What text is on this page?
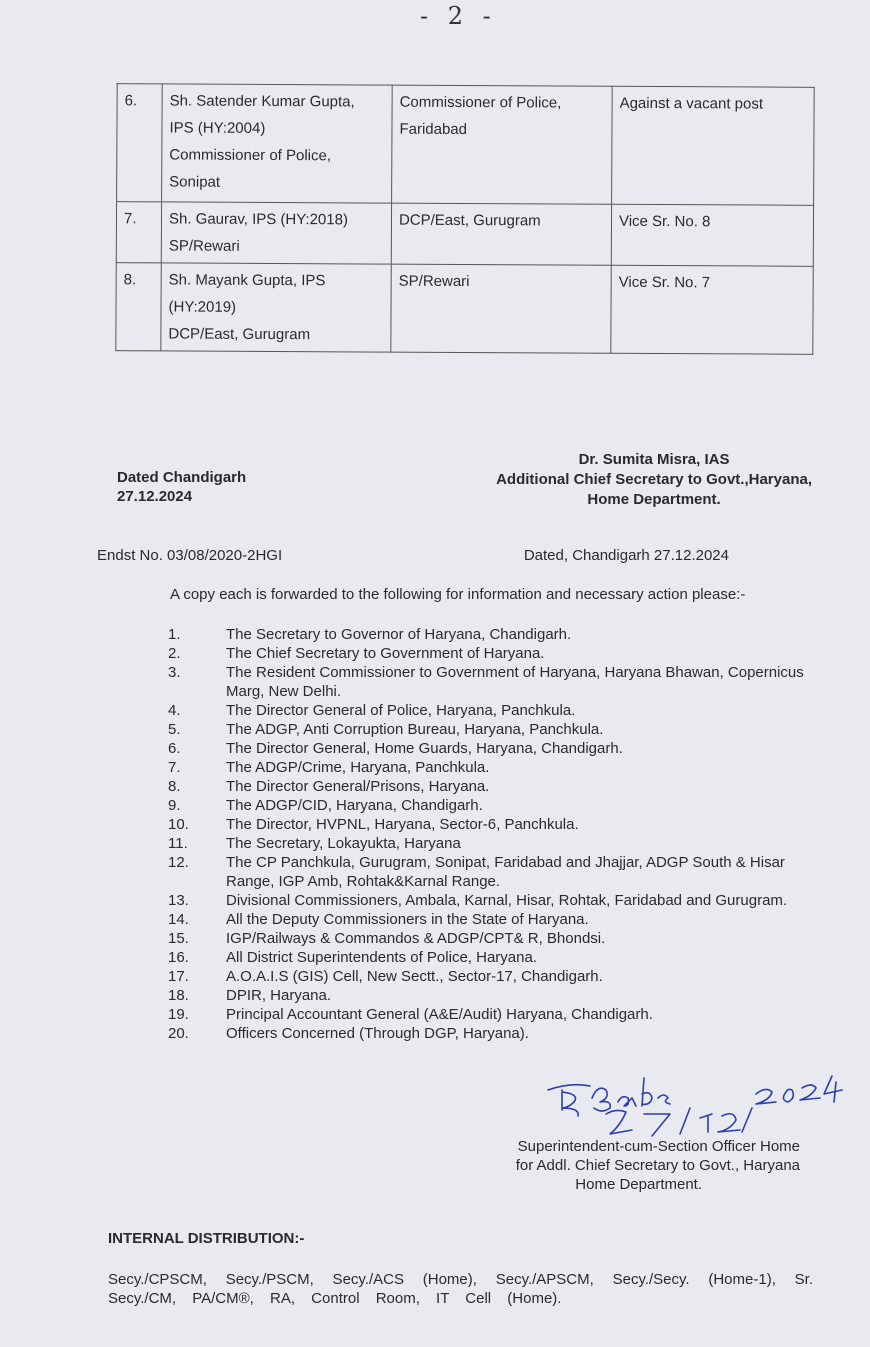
- 2 -
6.	Sh. Satender Kumar Gupta,
IPS (HY:2004)
Commissioner of Police,
Sonipat	Commissioner of Police, Faridabad	Against a vacant post
7.	Sh. Gaurav, IPS (HY:2018)
SP/Rewari	DCP/East, Gurugram	Vice Sr. No. 8
8.	Sh. Mayank Gupta, IPS
(HY:2019)
DCP/East, Gurugram	SP/Rewari	Vice Sr. No. 7
Dated Chandigarh
27.12.2024
Dr. Sumita Misra, IAS
Additional Chief Secretary to Govt.,Haryana,
Home Department.
Endst No. 03/08/2020-2HGI	Dated, Chandigarh 27.12.2024
A copy each is forwarded to the following for information and necessary action please:-
1.	The Secretary to Governor of Haryana, Chandigarh.
2.	The Chief Secretary to Government of Haryana.
3.	The Resident Commissioner to Government of Haryana, Haryana Bhawan, Copernicus Marg, New Delhi.
4.	The Director General of Police, Haryana, Panchkula.
5.	The ADGP, Anti Corruption Bureau, Haryana, Panchkula.
6.	The Director General, Home Guards, Haryana, Chandigarh.
7.	The ADGP/Crime, Haryana, Panchkula.
8.	The Director General/Prisons, Haryana.
9.	The ADGP/CID, Haryana, Chandigarh.
10.	The Director, HVPNL, Haryana, Sector-6, Panchkula.
11.	The Secretary, Lokayukta, Haryana
12.	The CP Panchkula, Gurugram, Sonipat, Faridabad and Jhajjar, ADGP South & Hisar Range, IGP Amb, Rohtak&Karnal Range.
13.	Divisional Commissioners, Ambala, Karnal, Hisar, Rohtak, Faridabad and Gurugram.
14.	All the Deputy Commissioners in the State of Haryana.
15.	IGP/Railways & Commandos & ADGP/CPT& R, Bhondsi.
16.	All District Superintendents of Police, Haryana.
17.	A.O.A.I.S (GIS) Cell, New Sectt., Sector-17, Chandigarh.
18.	DPIR, Haryana.
19.	Principal Accountant General (A&E/Audit) Haryana, Chandigarh.
20.	Officers Concerned (Through DGP, Haryana).
Superintendent-cum-Section Officer Home
for Addl. Chief Secretary to Govt., Haryana
Home Department.
INTERNAL DISTRIBUTION:-
Secy./CPSCM, Secy./PSCM, Secy./ACS (Home), Secy./APSCM, Secy./Secy. (Home-1), Sr. Secy./CM, PA/CM®, RA, Control Room, IT Cell (Home).
